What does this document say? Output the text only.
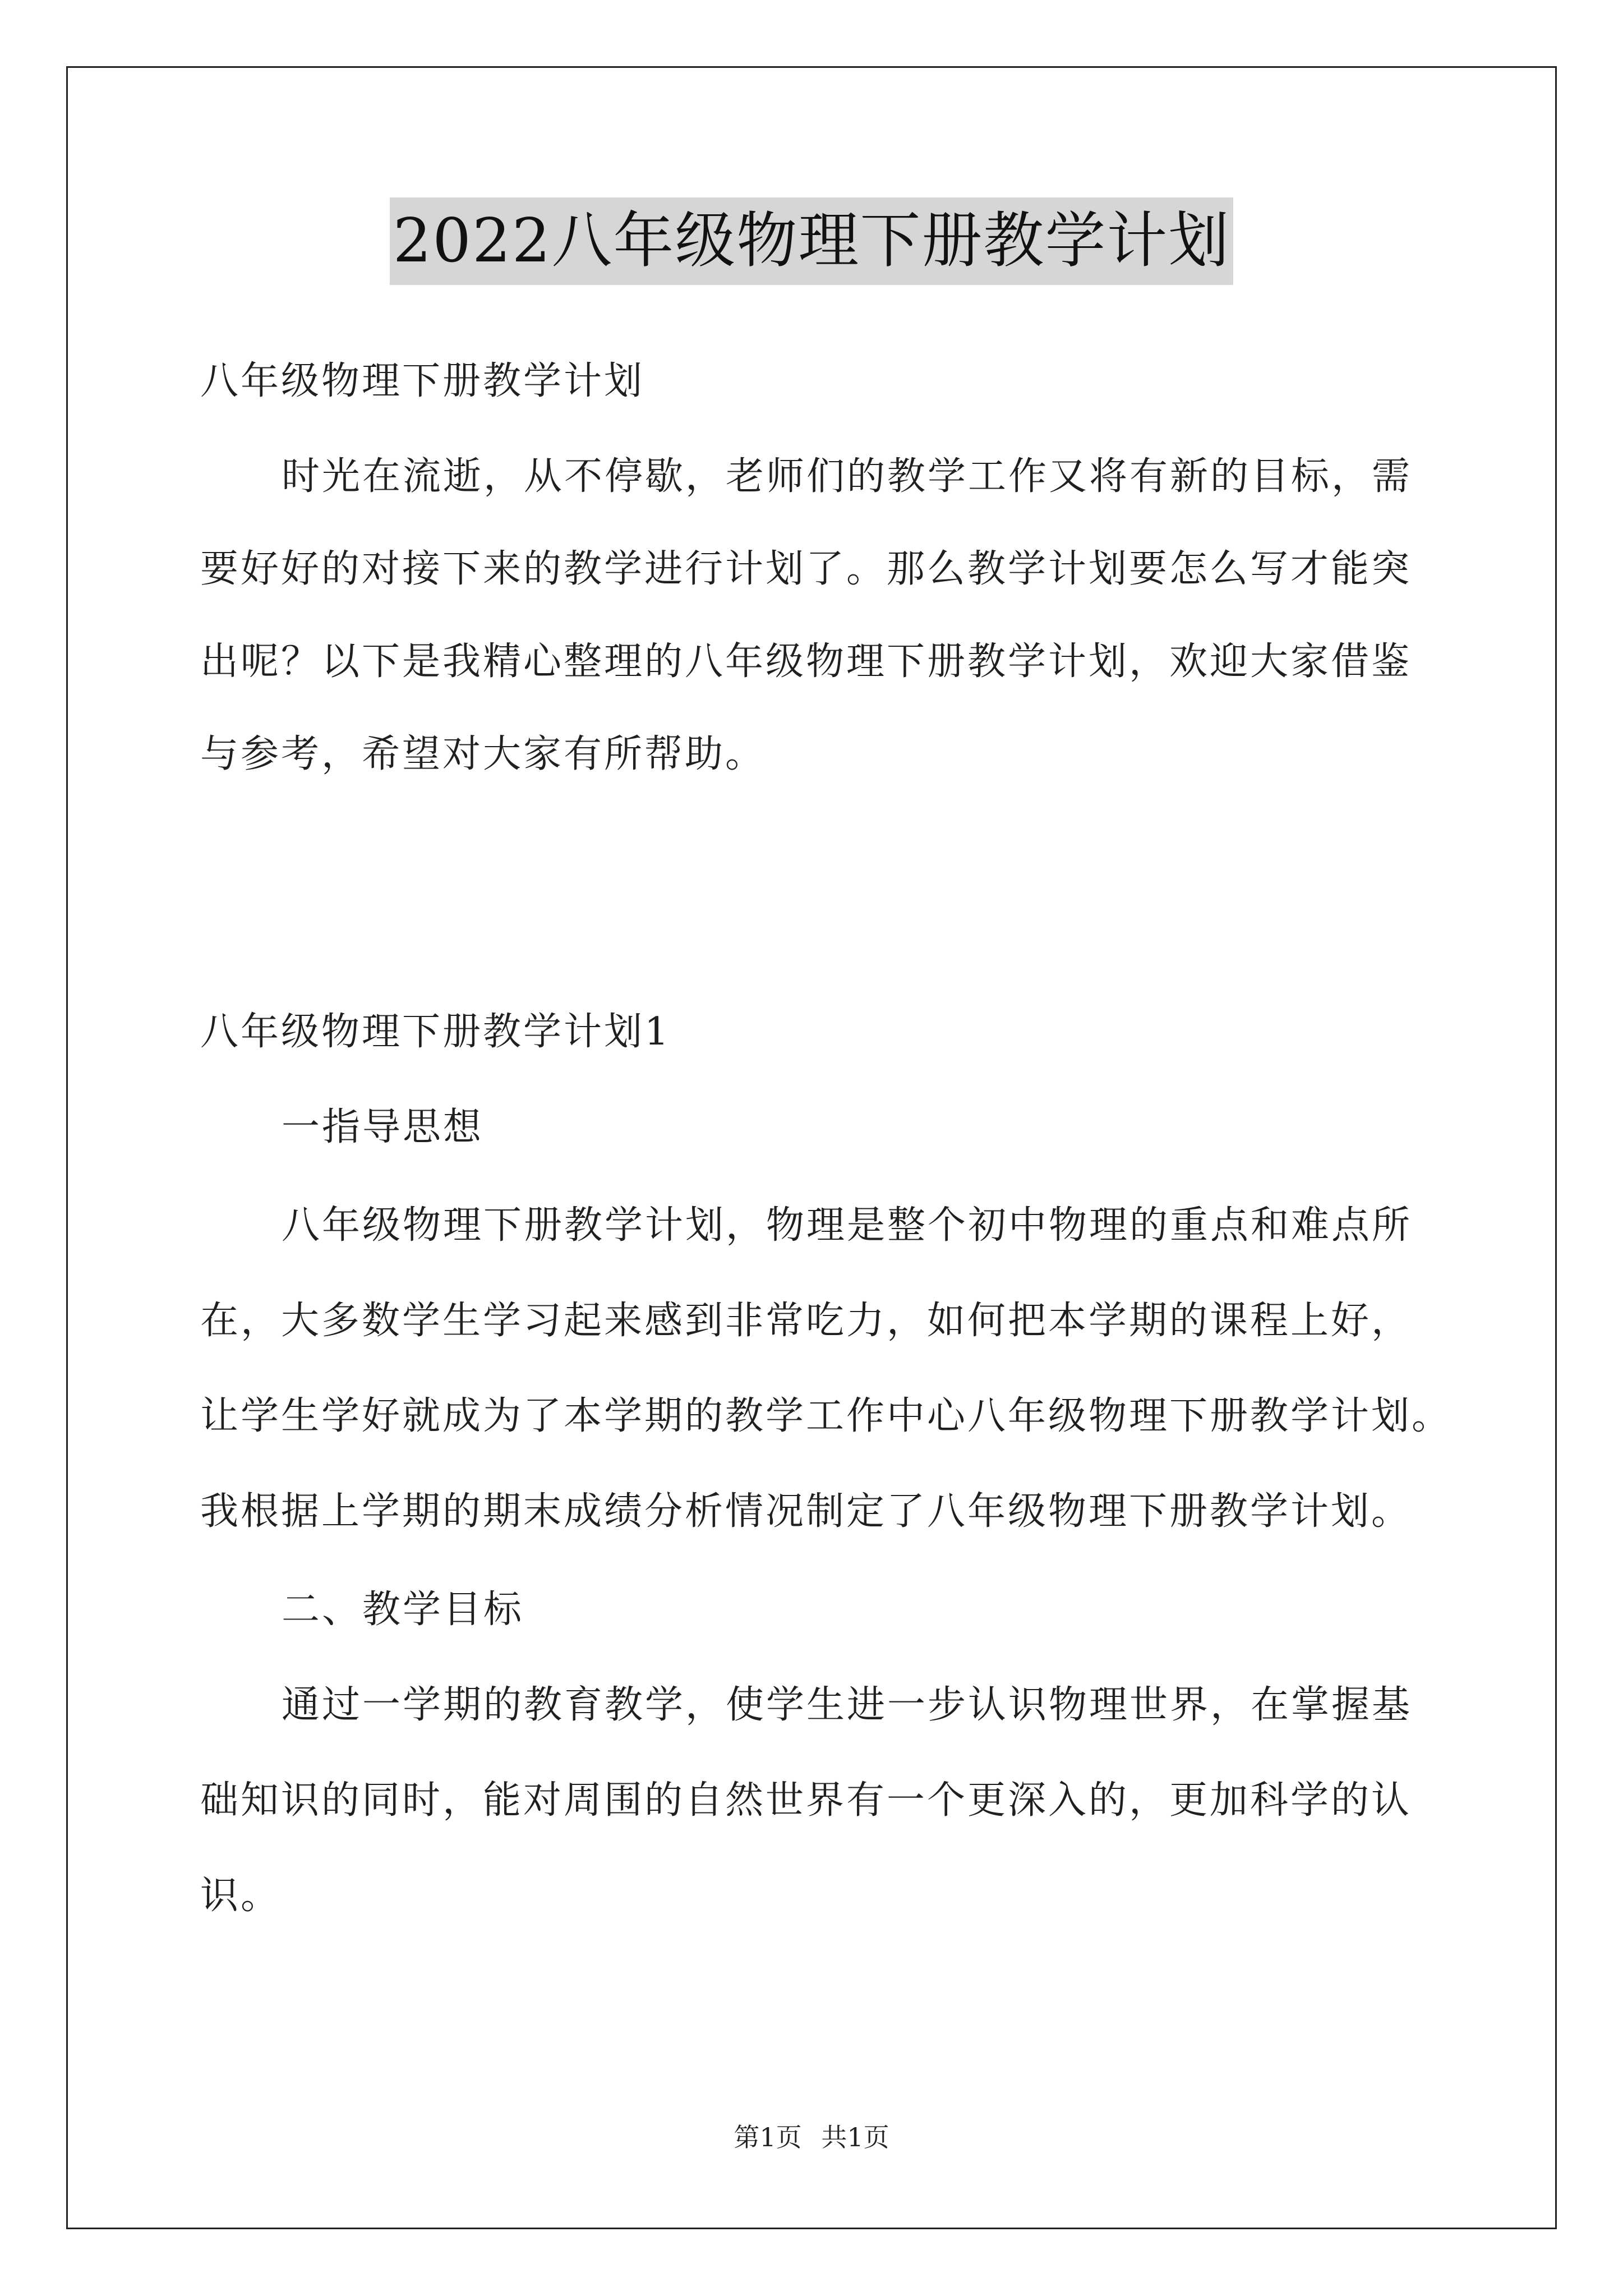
2022八年级物理下册教学计划
八年级物理下册教学计划
时光在流逝，从不停歇，老师们的教学工作又将有新的目标，需
要好好的对接下来的教学进行计划了。那么教学计划要怎么写才能突
出呢？以下是我精心整理的八年级物理下册教学计划，欢迎大家借鉴
与参考，希望对大家有所帮助。
八年级物理下册教学计划1
一指导思想
八年级物理下册教学计划，物理是整个初中物理的重点和难点所
在，大多数学生学习起来感到非常吃力，如何把本学期的课程上好，
让学生学好就成为了本学期的教学工作中心八年级物理下册教学计划。
我根据上学期的期末成绩分析情况制定了八年级物理下册教学计划。
二、教学目标
通过一学期的教育教学，使学生进一步认识物理世界，在掌握基
础知识的同时，能对周围的自然世界有一个更深入的，更加科学的认
识。
第1页 共1页
